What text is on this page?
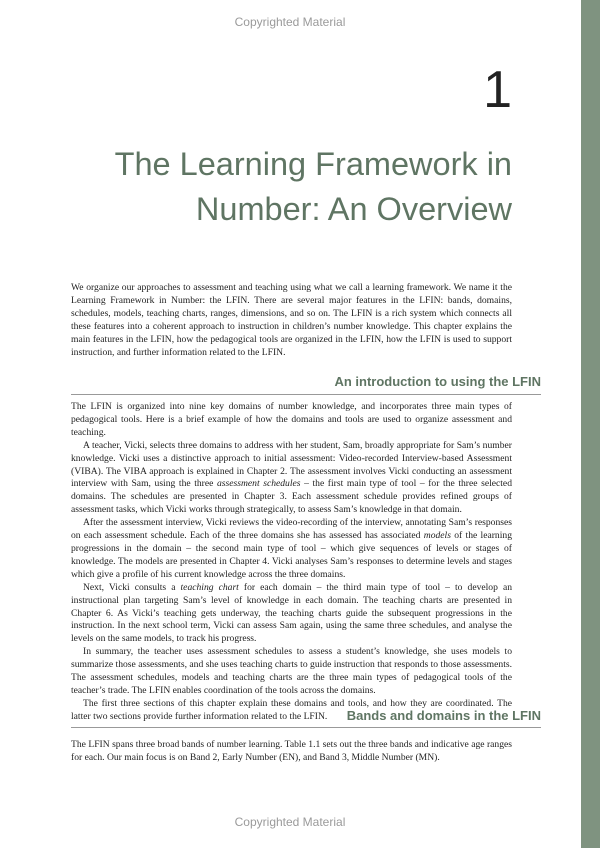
Copyrighted Material
1
The Learning Framework in
Number: An Overview

We organize our approaches to assessment and teaching using what we call a learning framework. We name it the Learning Framework in Number: the LFIN. There are several major features in the LFIN: bands, domains, schedules, models, teaching charts, ranges, dimensions, and so on. The LFIN is a rich system which connects all these features into a coherent approach to instruction in children’s number knowledge. This chapter explains the main features in the LFIN, how the pedagogical tools are organized in the LFIN, how the LFIN is used to support instruction, and further information related to the LFIN.

An introduction to using the LFIN

The LFIN is organized into nine key domains of number knowledge, and incorporates three main types of pedagogical tools. Here is a brief example of how the domains and tools are used to organize assessment and teaching.

A teacher, Vicki, selects three domains to address with her student, Sam, broadly appropriate for Sam’s number knowledge. Vicki uses a distinctive approach to initial assessment: Video-recorded Interview-based Assessment (VIBA). The VIBA approach is explained in Chapter 2. The assessment involves Vicki conducting an assessment interview with Sam, using the three assessment schedules – the first main type of tool – for the three selected domains. The schedules are presented in Chapter 3. Each assessment schedule provides refined groups of assessment tasks, which Vicki works through strategically, to assess Sam’s knowledge in that domain.

After the assessment interview, Vicki reviews the video-recording of the interview, annotating Sam’s responses on each assessment schedule. Each of the three domains she has assessed has associated models of the learning progressions in the domain – the second main type of tool – which give sequences of levels or stages of knowledge. The models are presented in Chapter 4. Vicki analyses Sam’s responses to determine levels and stages which give a profile of his current knowledge across the three domains.

Next, Vicki consults a teaching chart for each domain – the third main type of tool – to develop an instructional plan targeting Sam’s level of knowledge in each domain. The teaching charts are presented in Chapter 6. As Vicki’s teaching gets underway, the teaching charts guide the subsequent progressions in the instruction. In the next school term, Vicki can assess Sam again, using the same three schedules, and analyse the levels on the same models, to track his progress.

In summary, the teacher uses assessment schedules to assess a student’s knowledge, she uses models to summarize those assessments, and she uses teaching charts to guide instruction that responds to those assessments. The assessment schedules, models and teaching charts are the three main types of pedagogical tools of the teacher’s trade. The LFIN enables coordination of the tools across the domains.

The first three sections of this chapter explain these domains and tools, and how they are coordinated. The latter two sections provide further information related to the LFIN.	Bands and domains in the LFIN

The LFIN spans three broad bands of number learning. Table 1.1 sets out the three bands and indicative age ranges for each. Our main focus is on Band 2, Early Number (EN), and Band 3, Middle Number (MN).

Copyrighted Material
